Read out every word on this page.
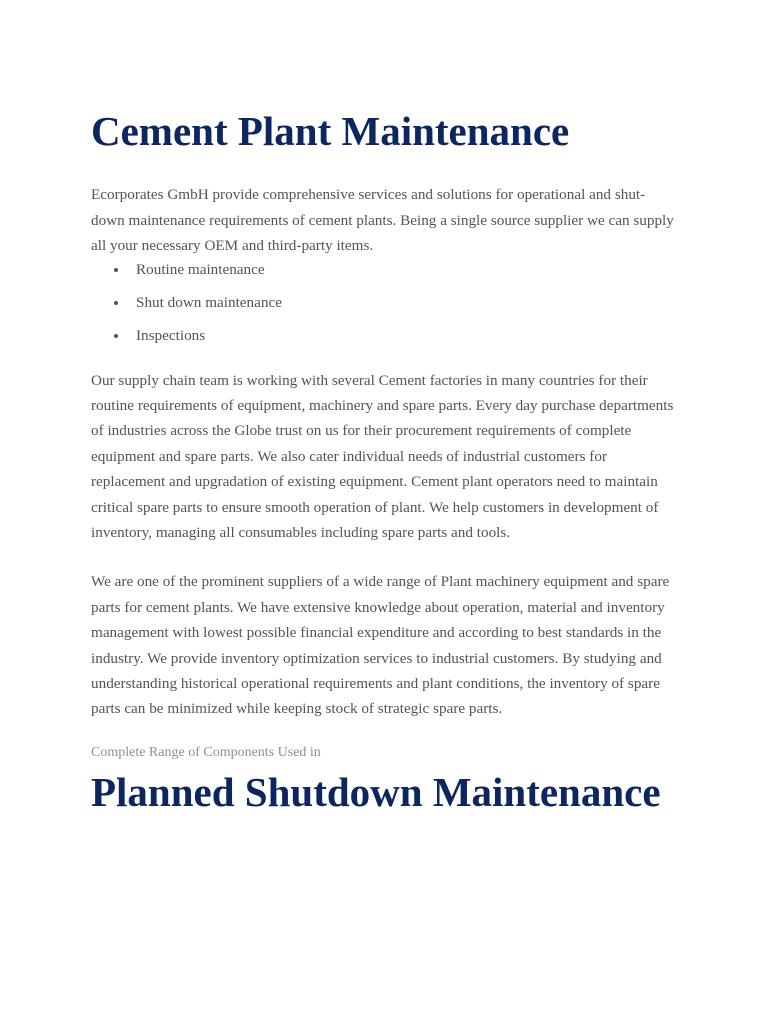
Cement Plant Maintenance

Ecorporates GmbH provide comprehensive services and solutions for operational and shut-down maintenance requirements of cement plants. Being a single source supplier we can supply all your necessary OEM and third-party items.

Routine maintenance
Shut down maintenance
Inspections

Our supply chain team is working with several Cement factories in many countries for their routine requirements of equipment, machinery and spare parts. Every day purchase departments of industries across the Globe trust on us for their procurement requirements of complete equipment and spare parts. We also cater individual needs of industrial customers for replacement and upgradation of existing equipment. Cement plant operators need to maintain critical spare parts to ensure smooth operation of plant. We help customers in development of inventory, managing all consumables including spare parts and tools.

We are one of the prominent suppliers of a wide range of Plant machinery equipment and spare parts for cement plants. We have extensive knowledge about operation, material and inventory management with lowest possible financial expenditure and according to best standards in the industry. We provide inventory optimization services to industrial customers. By studying and understanding historical operational requirements and plant conditions, the inventory of spare parts can be minimized while keeping stock of strategic spare parts.

Complete Range of Components Used in

Planned Shutdown Maintenance
